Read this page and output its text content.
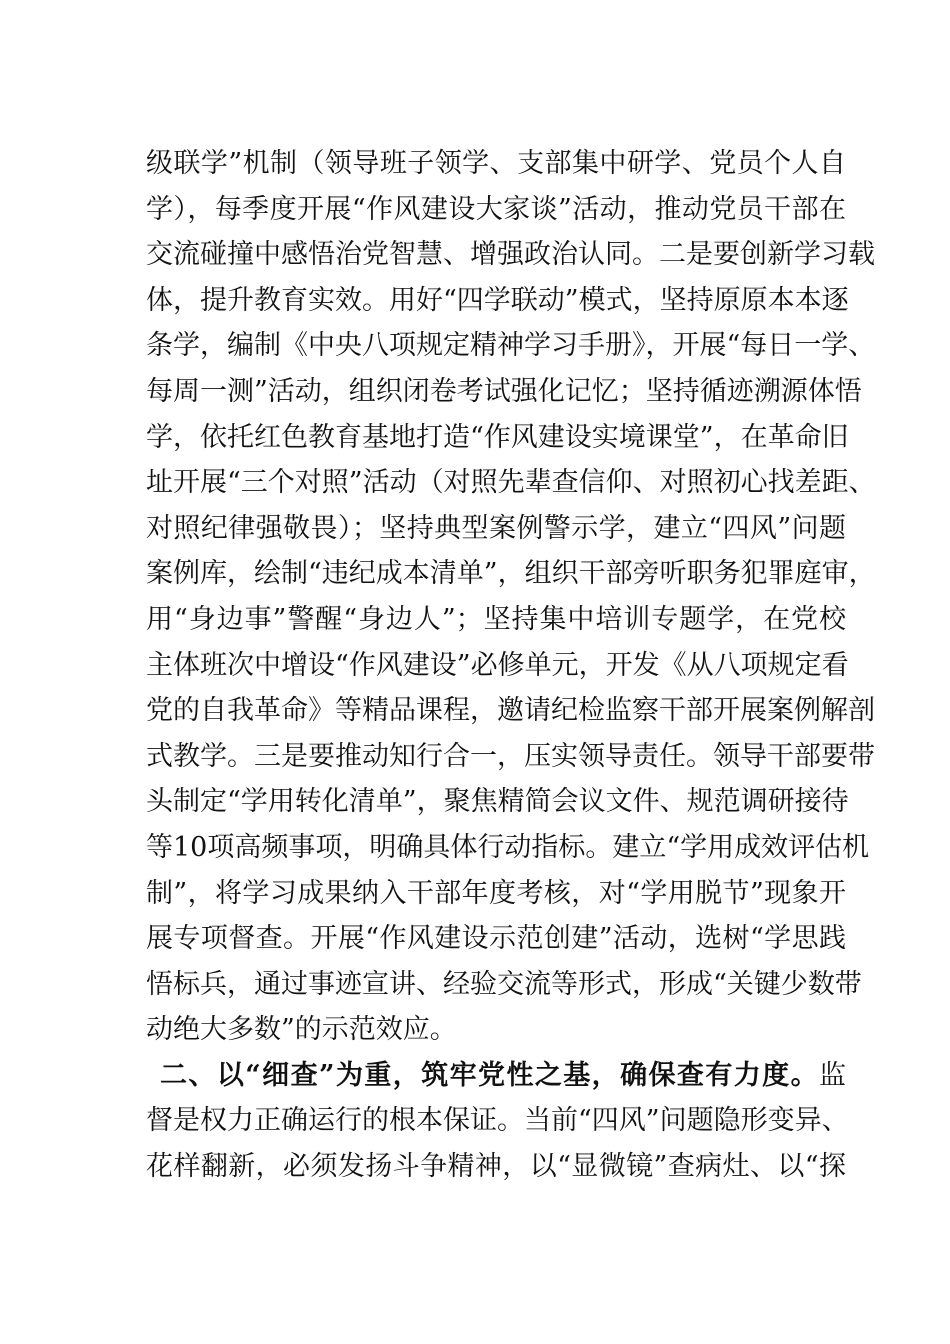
级联学”机制（领导班子领学、支部集中研学、党员个人自
学），每季度开展“作风建设大家谈”活动，推动党员干部在
交流碰撞中感悟治党智慧、增强政治认同。二是要创新学习载
体，提升教育实效。用好“四学联动”模式，坚持原原本本逐
条学，编制《中央八项规定精神学习手册》，开展“每日一学、
每周一测”活动，组织闭卷考试强化记忆；坚持循迹溯源体悟
学，依托红色教育基地打造“作风建设实境课堂”，在革命旧
址开展“三个对照”活动（对照先辈查信仰、对照初心找差距、
对照纪律强敬畏）；坚持典型案例警示学，建立“四风”问题
案例库，绘制“违纪成本清单”，组织干部旁听职务犯罪庭审，
用“身边事”警醒“身边人”；坚持集中培训专题学，在党校
主体班次中增设“作风建设”必修单元，开发《从八项规定看
党的自我革命》等精品课程，邀请纪检监察干部开展案例解剖
式教学。三是要推动知行合一，压实领导责任。领导干部要带
头制定“学用转化清单”，聚焦精简会议文件、规范调研接待
等10项高频事项，明确具体行动指标。建立“学用成效评估机
制”，将学习成果纳入干部年度考核，对“学用脱节”现象开
展专项督查。开展“作风建设示范创建”活动，选树“学思践
悟标兵，通过事迹宣讲、经验交流等形式，形成“关键少数带
动绝大多数”的示范效应。
二、以“细查”为重，筑牢党性之基，确保查有力度。监
督是权力正确运行的根本保证。当前“四风”问题隐形变异、
花样翻新，必须发扬斗争精神，以“显微镜”查病灶、以“探
